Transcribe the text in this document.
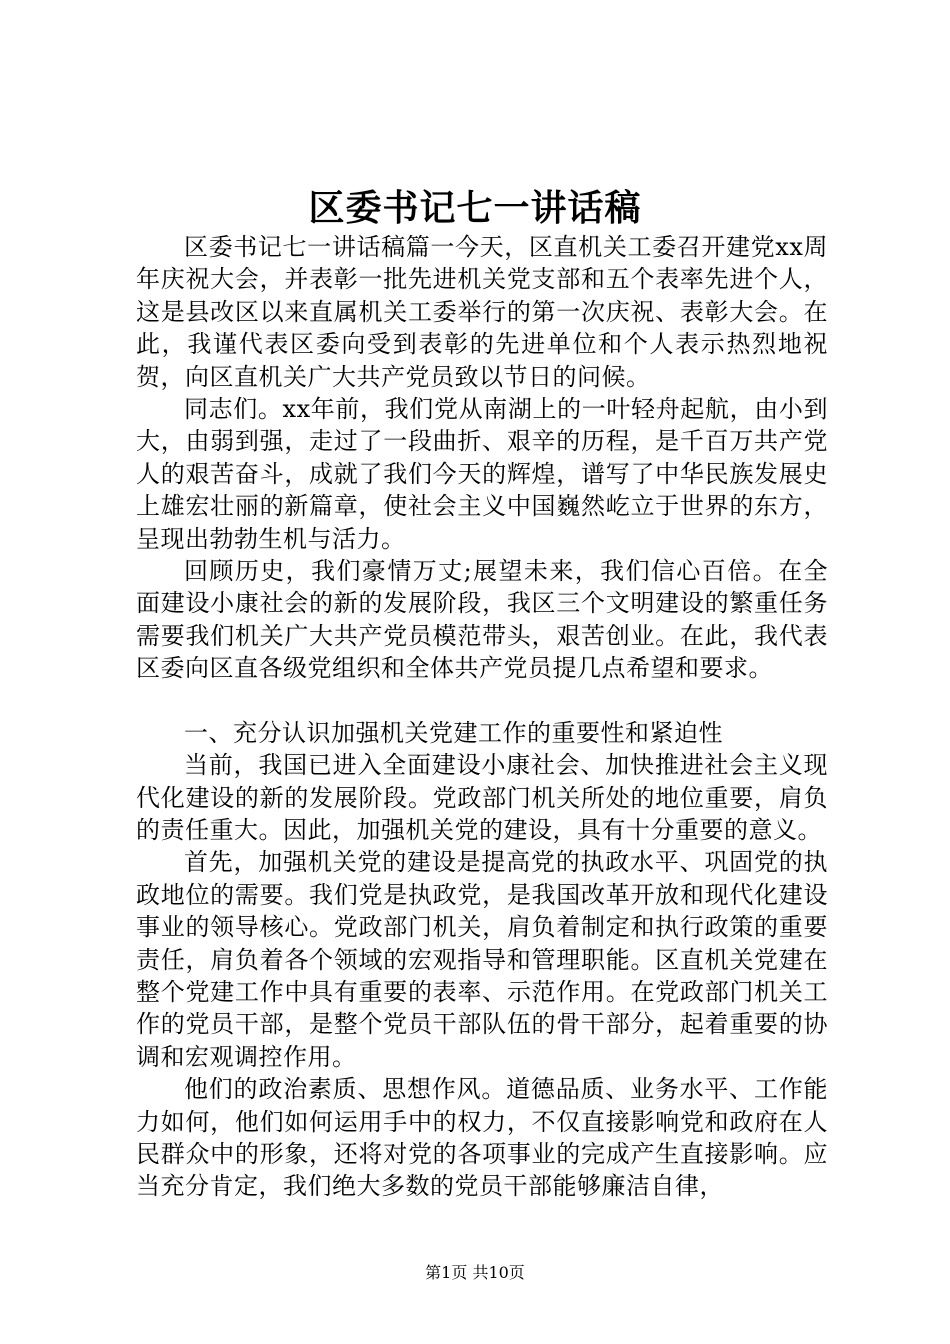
区委书记七一讲话稿

区委书记七一讲话稿篇一今天，区直机关工委召开建党xx周年庆祝大会，并表彰一批先进机关党支部和五个表率先进个人，这是县改区以来直属机关工委举行的第一次庆祝、表彰大会。在此，我谨代表区委向受到表彰的先进单位和个人表示热烈地祝贺，向区直机关广大共产党员致以节日的问候。

同志们。xx年前，我们党从南湖上的一叶轻舟起航，由小到大，由弱到强，走过了一段曲折、艰辛的历程，是千百万共产党人的艰苦奋斗，成就了我们今天的辉煌，谱写了中华民族发展史上雄宏壮丽的新篇章，使社会主义中国巍然屹立于世界的东方，呈现出勃勃生机与活力。

回顾历史，我们豪情万丈;展望未来，我们信心百倍。在全面建设小康社会的新的发展阶段，我区三个文明建设的繁重任务需要我们机关广大共产党员模范带头，艰苦创业。在此，我代表区委向区直各级党组织和全体共产党员提几点希望和要求。

一、充分认识加强机关党建工作的重要性和紧迫性

当前，我国已进入全面建设小康社会、加快推进社会主义现代化建设的新的发展阶段。党政部门机关所处的地位重要，肩负的责任重大。因此，加强机关党的建设，具有十分重要的意义。

首先，加强机关党的建设是提高党的执政水平、巩固党的执政地位的需要。我们党是执政党，是我国改革开放和现代化建设事业的领导核心。党政部门机关，肩负着制定和执行政策的重要责任，肩负着各个领域的宏观指导和管理职能。区直机关党建在整个党建工作中具有重要的表率、示范作用。在党政部门机关工作的党员干部，是整个党员干部队伍的骨干部分，起着重要的协调和宏观调控作用。

他们的政治素质、思想作风。道德品质、业务水平、工作能力如何，他们如何运用手中的权力，不仅直接影响党和政府在人民群众中的形象，还将对党的各项事业的完成产生直接影响。应当充分肯定，我们绝大多数的党员干部能够廉洁自律，

第1页 共10页
